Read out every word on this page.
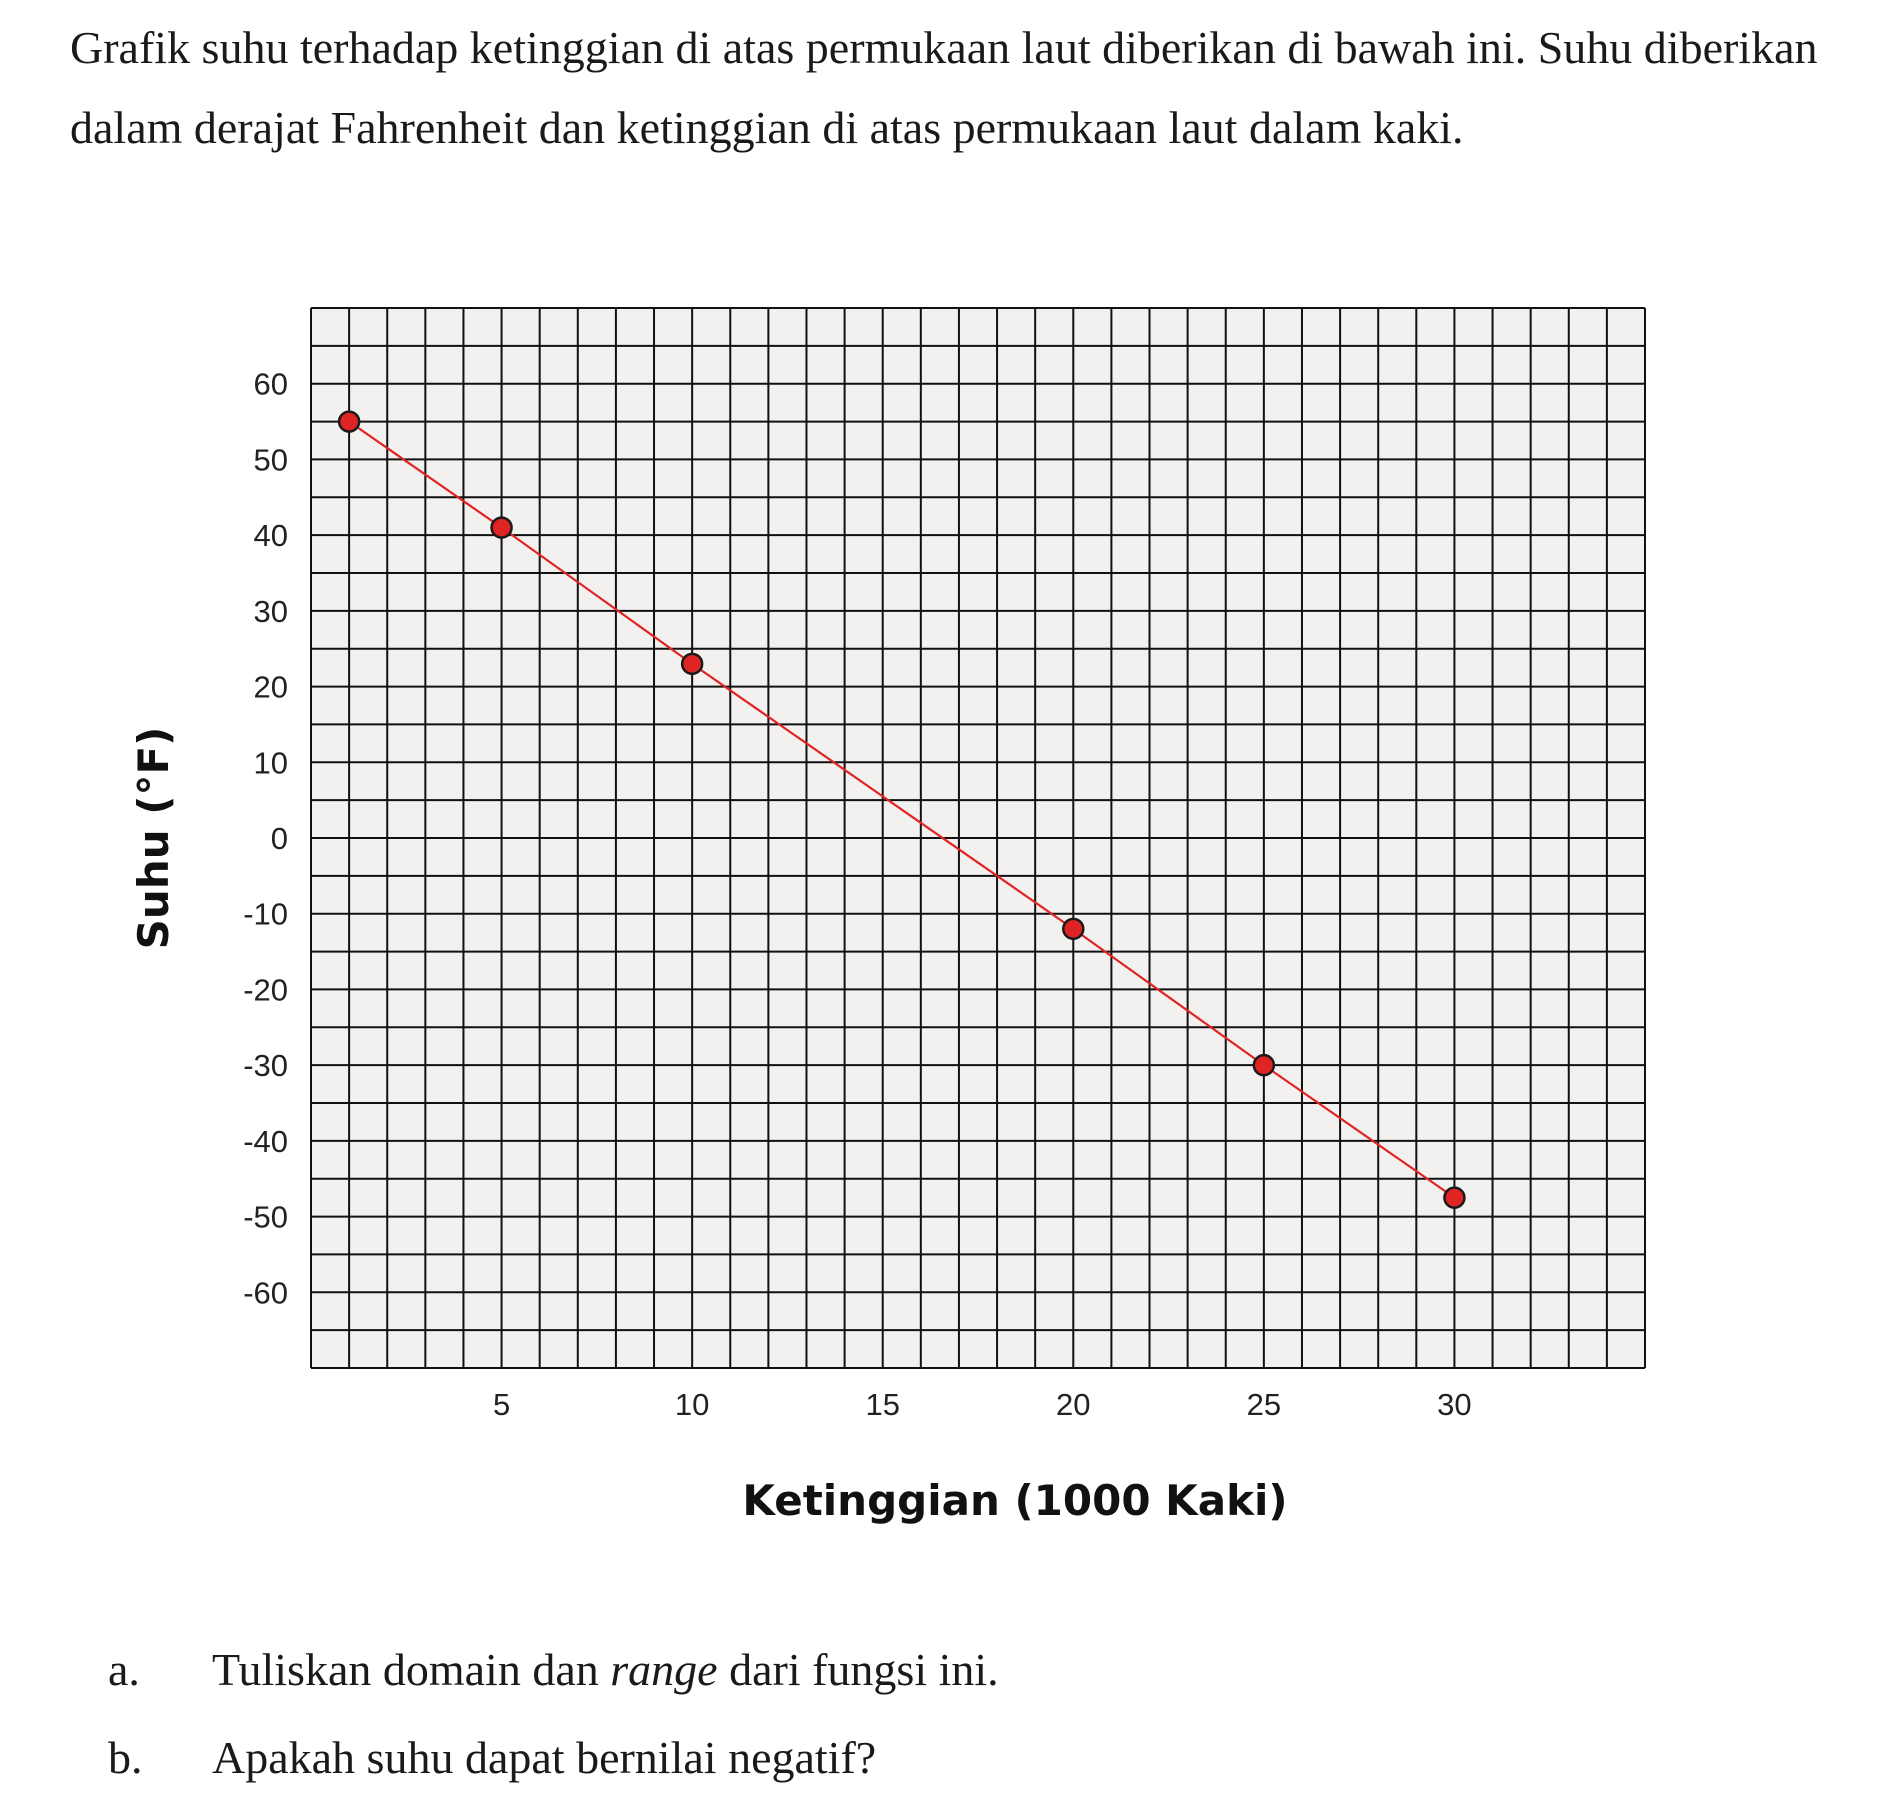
Grafik suhu terhadap ketinggian di atas permukaan laut diberikan di bawah ini. Suhu diberikan dalam derajat Fahrenheit dan ketinggian di atas permukaan laut dalam kaki.

60
50
40
30
20
10
0
-10
-20
-30
-40
-50
-60
5	10	15	20	25	30
Suhu (°F)
Ketinggian (1000 Kaki)
a.	Tuliskan domain dan range dari fungsi ini.
b.	Apakah suhu dapat bernilai negatif?
